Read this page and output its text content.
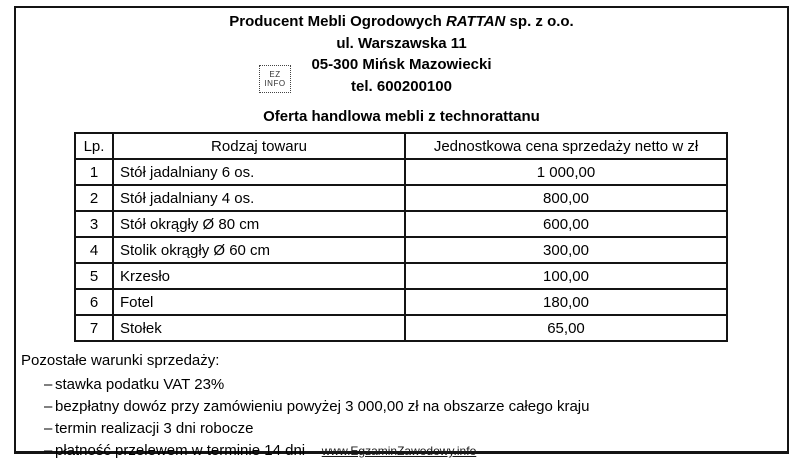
Producent Mebli Ogrodowych RATTAN sp. z o.o.
ul. Warszawska 11
05-300 Mińsk Mazowiecki
tel. 600200100
EZ
INFO
Oferta handlowa mebli z technorattanu
Lp.	Rodzaj towaru	Jednostkowa cena sprzedaży netto w zł
1	Stół jadalniany 6 os.	1 000,00
2	Stół jadalniany 4 os.	800,00
3	Stół okrągły Ø 80 cm	600,00
4	Stolik okrągły Ø 60 cm	300,00
5	Krzesło	100,00
6	Fotel	180,00
7	Stołek	65,00
Pozostałe warunki sprzedaży:
– stawka podatku VAT 23%
– bezpłatny dowóz przy zamówieniu powyżej 3 000,00 zł na obszarze całego kraju
– termin realizacji 3 dni robocze
– płatność przelewem w terminie 14 dni	www.EgzaminZawodowy.info
